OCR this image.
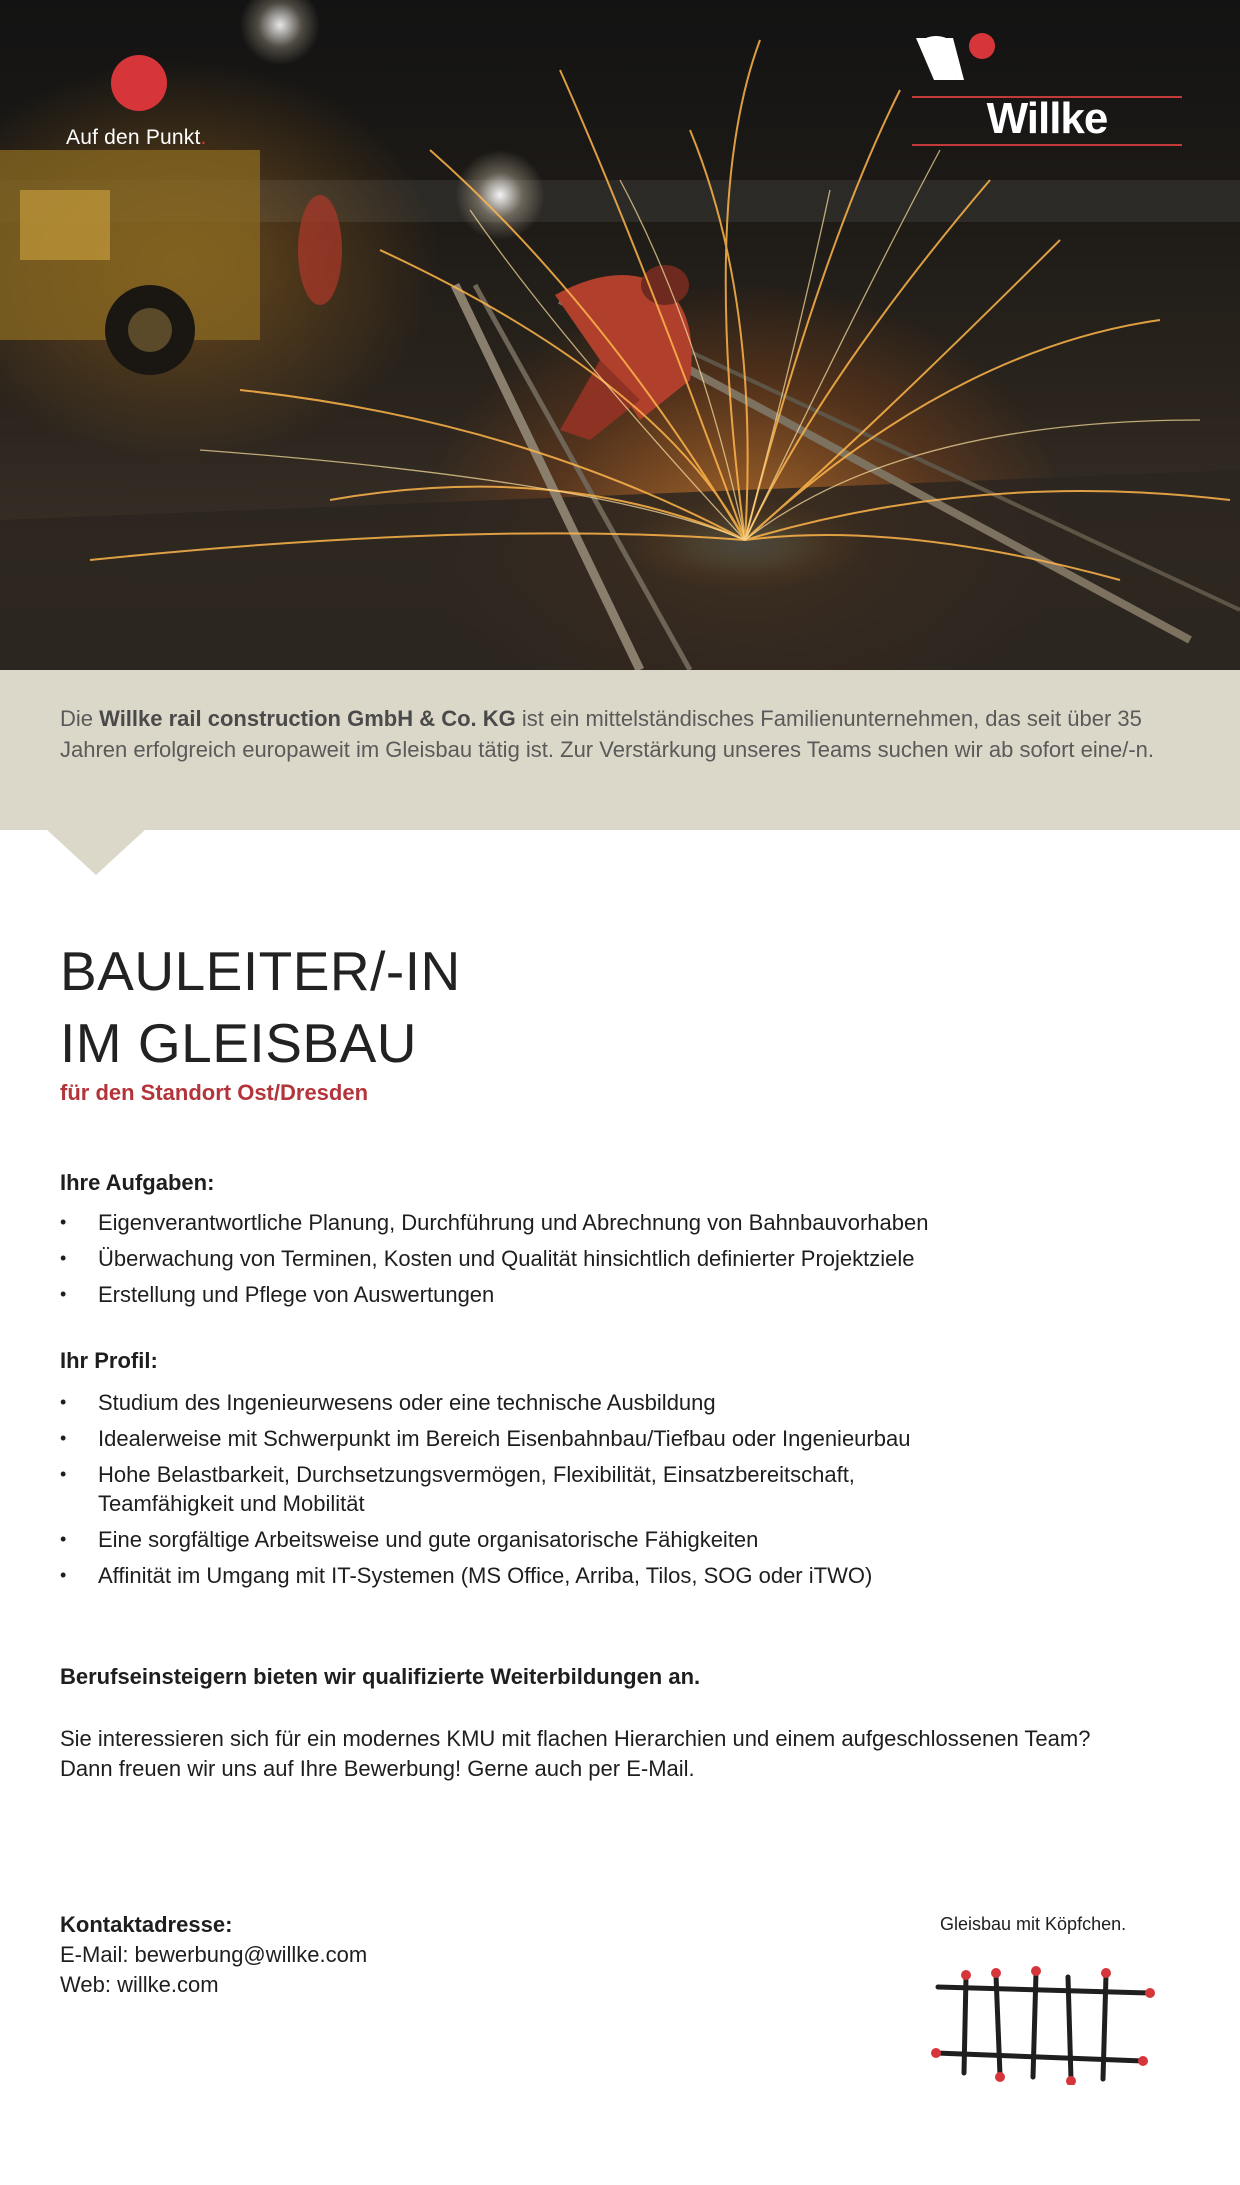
Auf den Punkt.	Willke
Die Willke rail construction GmbH & Co. KG ist ein mittelständisches Familienunternehmen, das seit über 35 Jahren erfolgreich europaweit im Gleisbau tätig ist. Zur Verstärkung unseres Teams suchen wir ab sofort eine/-n.
BAULEITER/-IN
IM GLEISBAU
für den Standort Ost/Dresden
Ihre Aufgaben:
• Eigenverantwortliche Planung, Durchführung und Abrechnung von Bahnbauvorhaben
• Überwachung von Terminen, Kosten und Qualität hinsichtlich definierter Projektziele
• Erstellung und Pflege von Auswertungen
Ihr Profil:
• Studium des Ingenieurwesens oder eine technische Ausbildung
• Idealerweise mit Schwerpunkt im Bereich Eisenbahnbau/Tiefbau oder Ingenieurbau
• Hohe Belastbarkeit, Durchsetzungsvermögen, Flexibilität, Einsatzbereitschaft, Teamfähigkeit und Mobilität
• Eine sorgfältige Arbeitsweise und gute organisatorische Fähigkeiten
• Affinität im Umgang mit IT-Systemen (MS Office, Arriba, Tilos, SOG oder iTWO)
Berufseinsteigern bieten wir qualifizierte Weiterbildungen an.
Sie interessieren sich für ein modernes KMU mit flachen Hierarchien und einem aufgeschlossenen Team?
Dann freuen wir uns auf Ihre Bewerbung! Gerne auch per E-Mail.
Kontaktadresse:
E-Mail: bewerbung@willke.com
Web: willke.com
Gleisbau mit Köpfchen.
